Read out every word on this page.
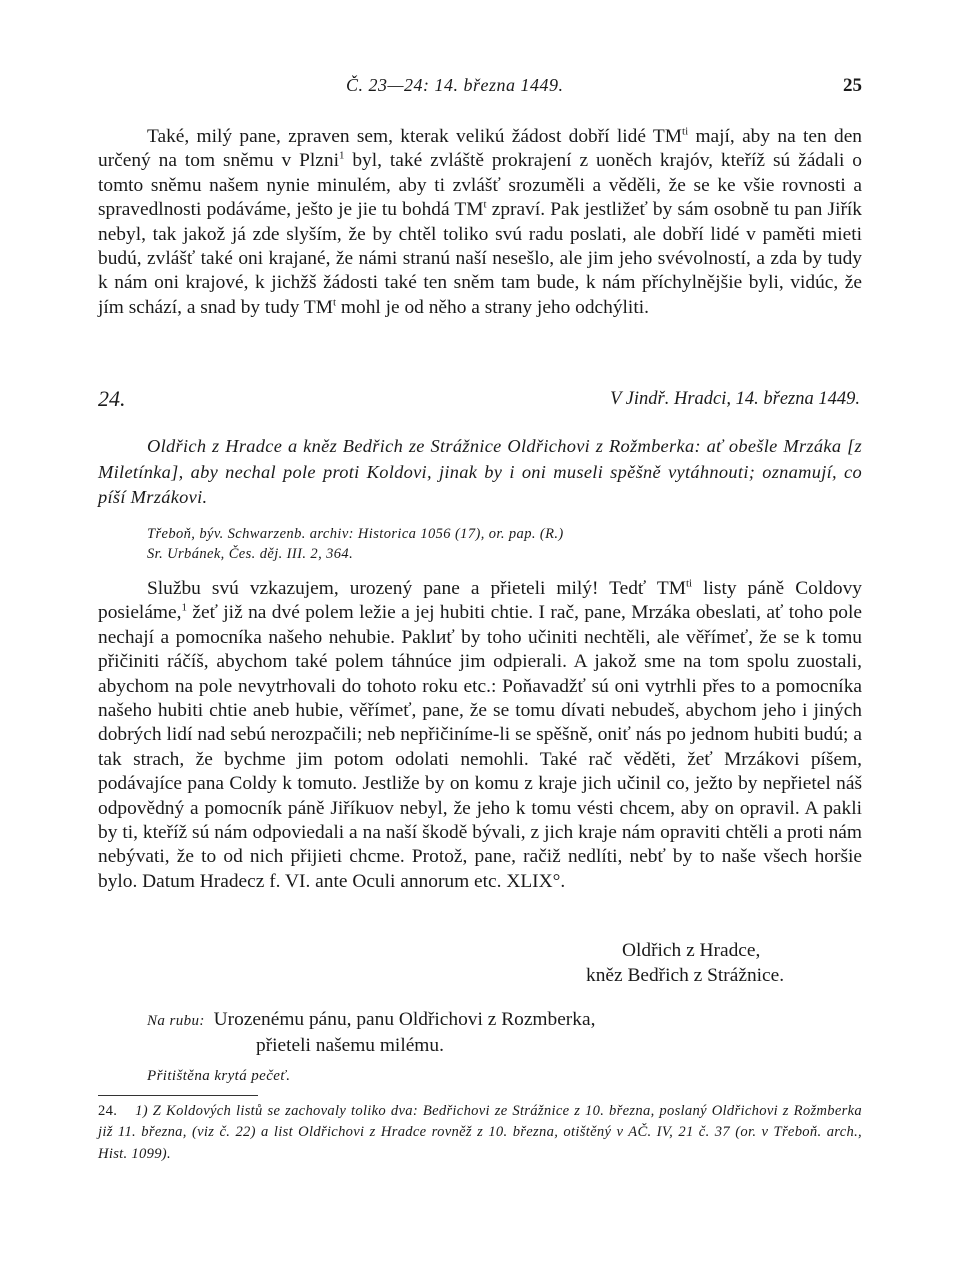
Č. 23—24: 14. března 1449.	25

Také, milý pane, zpraven sem, kterak velikú žádost dobří lidé $TM^{ti}$ mají, aby na ten den určený na tom sněmu v Plzni$^1$ byl, také zvláště prokrajení z uoněch krajóv, kteříž sú žádali o tomto sněmu našem nynie minulém, aby ti zvlášť srozuměli a věděli, že se ke všie rovnosti a spravedlnosti podáváme, ješto je jie tu bohdá $TM^t$ zpraví. Pak jestližeť by sám osobně tu pan Jiřík nebyl, tak jakož já zde slyším, že by chtěl toliko svú radu poslati, ale dobří lidé v paměti mieti budú, zvlášť také oni krajané, že námi stranú naší nesešlo, ale jim jeho svévolností, a zda by tudy k nám oni krajové, k jichžš žádosti také ten sněm tam bude, k nám příchylnějšie byli, vidúc, že jím schází, a snad by tudy $TM^t$ mohl je od něho a strany jeho odchýliti.

24.	V Jindř. Hradci, 14. března 1449.

Oldřich z Hradce a kněz Bedřich ze Strážnice Oldřichovi z Rožmberka: ať obešle Mrzáka [z Miletínka], aby nechal pole proti Koldovi, jinak by i oni museli spěšně vytáhnouti; oznamují, co píší Mrzákovi.

Třeboň, býv. Schwarzenb. archiv: Historica 1056 (17), or. pap. (R.)
Sr. Urbánek, Čes. děj. III. 2, 364.

Službu svú vzkazujem, urozený pane a přieteli milý! Tedť $TM^{ti}$ listy páně Coldovy posielámе,$^1$ žeť již na dvé polem ležie a jej hubiti chtie. I rač, pane, Mrzáka obeslati, ať toho pole nechají a pomocníka našeho nehubie. Paklиť by toho učiniti nechtěli, ale věřímeť, že se k tomu přičiniti ráčíš, abychom také polem táhnúce jim odpierali. A jakož sme na tom spolu zuostali, abychom na pole nevytrhovali do tohoto roku etc.: Poňavadžť sú oni vytrhli přes to a pomocníka našeho hubiti chtie aneb hubie, věřímeť, pane, že se tomu dívati nebudeš, abychom jeho i jiných dobrých lidí nad sebú nerozpačili; neb nepřičiníme-li se spěšně, oniť nás po jednom hubiti budú; a tak strach, že bychme jim potom odolati nemohli. Také rač věděti, žeť Mrzákovi píšem, podávajíce pana Coldy k tomuto. Jestliže by on komu z kraje jich učinil co, ježto by nepřietel náš odpovědný a pomocník páně Jiříkuov nebyl, že jeho k tomu vésti chcem, aby on opravil. A pakli by ti, kteříž sú nám odpoviedali a na naší škodě bývali, z jich kraje nám opraviti chtěli a proti nám nebývati, že to od nich přijieti chcme. Protož, pane, račiž nedlíti, nebť by to naše všech horšie bylo. Datum Hradecz f. VI. ante Oculi annorum etc. XLIX°.

Oldřich z Hradce,
kněz Bedřich z Strážnice.
Na rubu: Urozenému pánu, panu Oldřichovi z Rozmberka,
přieteli našemu milému.
Přitištěna krytá pečeť.
24. 1) Z Koldových listů se zachovaly toliko dva: Bedřichovi ze Strážnice z 10. března, poslaný Oldřichovi z Rožmberka již 11. března, (viz č. 22) a list Oldřichovi z Hradce rovněž z 10. března, otištěný v AČ. IV, 21 č. 37 (or. v Třeboň. arch., Hist. 1099).
